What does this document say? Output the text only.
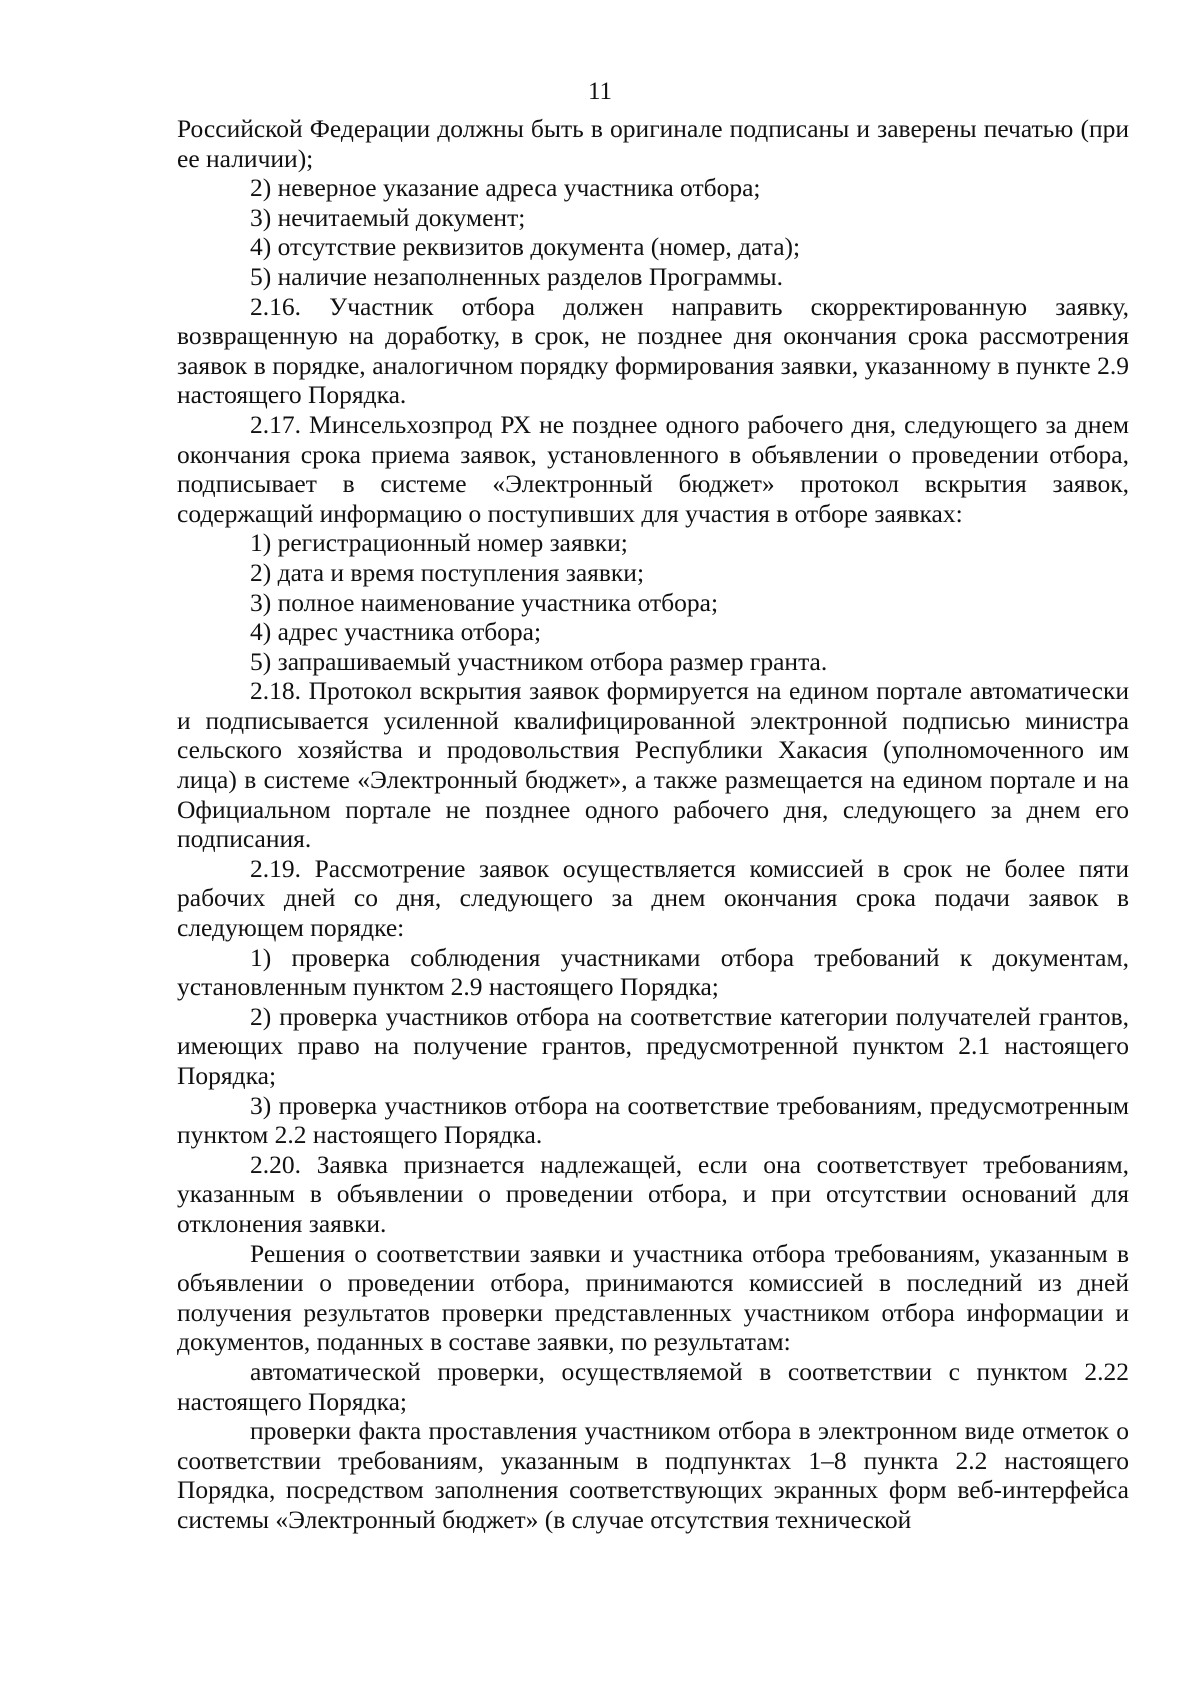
11

Российской Федерации должны быть в оригинале подписаны и заверены печатью (при ее наличии);

2) неверное указание адреса участника отбора;

3) нечитаемый документ;

4) отсутствие реквизитов документа (номер, дата);

5) наличие незаполненных разделов Программы.

2.16. Участник отбора должен направить скорректированную заявку, возвращенную на доработку, в срок, не позднее дня окончания срока рассмотрения заявок в порядке, аналогичном порядку формирования заявки, указанному в пункте 2.9 настоящего Порядка.

2.17. Минсельхозпрод РХ не позднее одного рабочего дня, следующего за днем окончания срока приема заявок, установленного в объявлении о проведении отбора, подписывает в системе «Электронный бюджет» протокол вскрытия заявок, содержащий информацию о поступивших для участия в отборе заявках:

1) регистрационный номер заявки;

2) дата и время поступления заявки;

3) полное наименование участника отбора;

4) адрес участника отбора;

5) запрашиваемый участником отбора размер гранта.

2.18. Протокол вскрытия заявок формируется на едином портале автоматически и подписывается усиленной квалифицированной электронной подписью министра сельского хозяйства и продовольствия Республики Хакасия (уполномоченного им лица) в системе «Электронный бюджет», а также размещается на едином портале и на Официальном портале не позднее одного рабочего дня, следующего за днем его подписания.

2.19. Рассмотрение заявок осуществляется комиссией в срок не более пяти рабочих дней со дня, следующего за днем окончания срока подачи заявок в следующем порядке:

1) проверка соблюдения участниками отбора требований к документам, установленным пунктом 2.9 настоящего Порядка;

2) проверка участников отбора на соответствие категории получателей грантов, имеющих право на получение грантов, предусмотренной пунктом 2.1 настоящего Порядка;

3) проверка участников отбора на соответствие требованиям, предусмотренным пунктом 2.2 настоящего Порядка.

2.20. Заявка признается надлежащей, если она соответствует требованиям, указанным в объявлении о проведении отбора, и при отсутствии оснований для отклонения заявки.

Решения о соответствии заявки и участника отбора требованиям, указанным в объявлении о проведении отбора, принимаются комиссией в последний из дней получения результатов проверки представленных участником отбора информации и документов, поданных в составе заявки, по результатам:

автоматической проверки, осуществляемой в соответствии с пунктом 2.22 настоящего Порядка;

проверки факта проставления участником отбора в электронном виде отметок о соответствии требованиям, указанным в подпунктах 1–8 пункта 2.2 настоящего Порядка, посредством заполнения соответствующих экранных форм веб-интерфейса системы «Электронный бюджет» (в случае отсутствия технической
